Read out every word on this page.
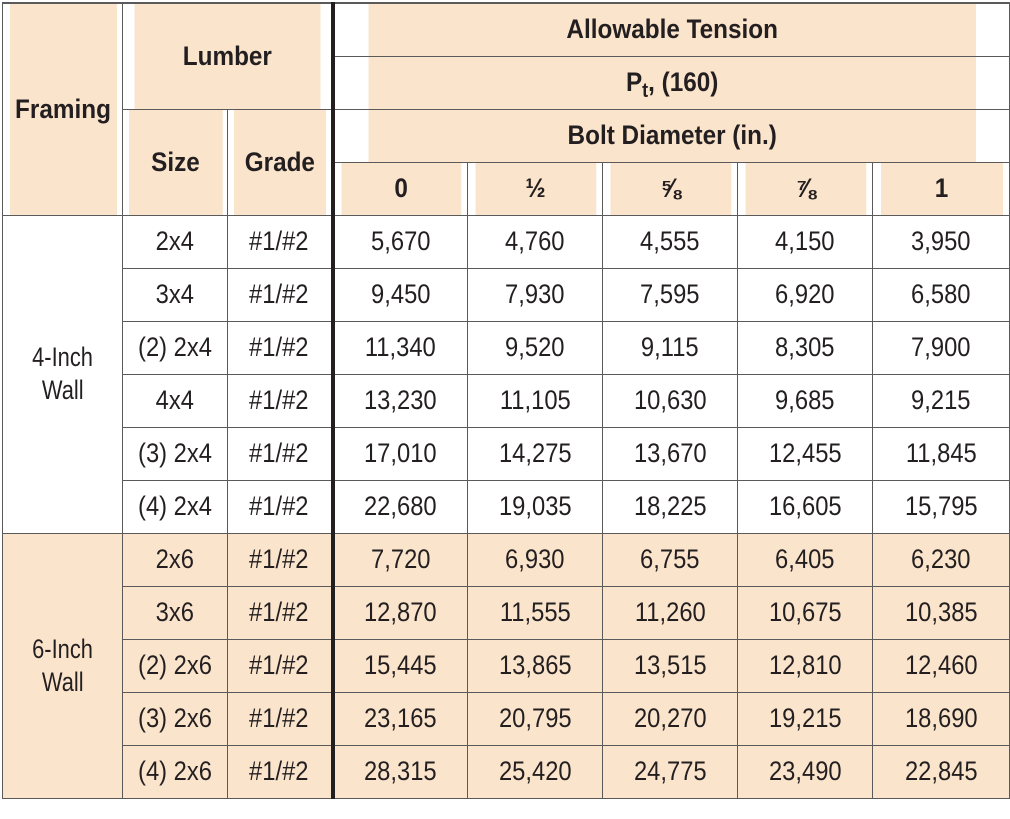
Framing	Lumber		Allowable Tension				
			$P_t$, (160)				
	Size	Grade	Bolt Diameter (in.)				
			0	½	⅝	⅞	1
4-Inch
Wall	2x4	#1/#2	5,670	4,760	4,555	4,150	3,950
	3x4	#1/#2	9,450	7,930	7,595	6,920	6,580
	(2) 2x4	#1/#2	11,340	9,520	9,115	8,305	7,900
	4x4	#1/#2	13,230	11,105	10,630	9,685	9,215
	(3) 2x4	#1/#2	17,010	14,275	13,670	12,455	11,845
	(4) 2x4	#1/#2	22,680	19,035	18,225	16,605	15,795
6-Inch
Wall	2x6	#1/#2	7,720	6,930	6,755	6,405	6,230
	3x6	#1/#2	12,870	11,555	11,260	10,675	10,385
	(2) 2x6	#1/#2	15,445	13,865	13,515	12,810	12,460
	(3) 2x6	#1/#2	23,165	20,795	20,270	19,215	18,690
	(4) 2x6	#1/#2	28,315	25,420	24,775	23,490	22,845
